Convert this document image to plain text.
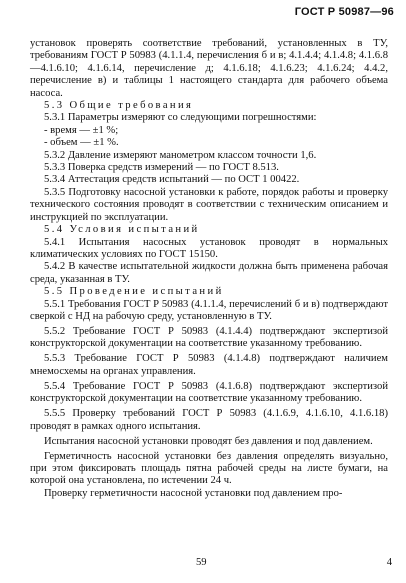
ГОСТ Р 50987—96

установок проверять соответствие требований, установленных в ТУ, требованиям ГОСТ Р 50983 (4.1.1.4, перечисления б и в; 4.1.4.4; 4.1.4.8; 4.1.6.8—4.1.6.10; 4.1.6.14, перечисление д; 4.1.6.18; 4.1.6.23; 4.1.6.24; 4.4.2, перечисление в) и таблицы 1 настоящего стандарта для рабочего объема насоса.

5.3 Общие требования

5.3.1 Параметры измеряют со следующими погрешностями:

- время — ±1 %;

- объем — ±1 %.

5.3.2 Давление измеряют манометром классом точности 1,6.

5.3.3 Поверка средств измерений — по ГОСТ 8.513.

5.3.4 Аттестация средств испытаний — по ОСТ 1 00422.

5.3.5 Подготовку насосной установки к работе, порядок работы и проверку технического состояния проводят в соответствии с техническим описанием и инструкцией по эксплуатации.

5.4 Условия испытаний

5.4.1 Испытания насосных установок проводят в нормальных климатических условиях по ГОСТ 15150.

5.4.2 В качестве испытательной жидкости должна быть применена рабочая среда, указанная в ТУ.

5.5 Проведение испытаний

5.5.1 Требования ГОСТ Р 50983 (4.1.1.4, перечислений б и в) подтверждают сверкой с НД на рабочую среду, установленную в ТУ.

5.5.2 Требование ГОСТ Р 50983 (4.1.4.4) подтверждают экспертизой конструкторской документации на соответствие указанному требованию.

5.5.3 Требование ГОСТ Р 50983 (4.1.4.8) подтверждают наличием мнемосхемы на органах управления.

5.5.4 Требование ГОСТ Р 50983 (4.1.6.8) подтверждают экспертизой конструкторской документации на соответствие указанному требованию.

5.5.5 Проверку требований ГОСТ Р 50983 (4.1.6.9, 4.1.6.10, 4.1.6.18) проводят в рамках одного испытания.

Испытания насосной установки проводят без давления и под давлением.

Герметичность насосной установки без давления определять визуально, при этом фиксировать площадь пятна рабочей среды на листе бумаги, на которой она установлена, по истечении 24 ч.

Проверку герметичности насосной установки под давлением про-

59	4
